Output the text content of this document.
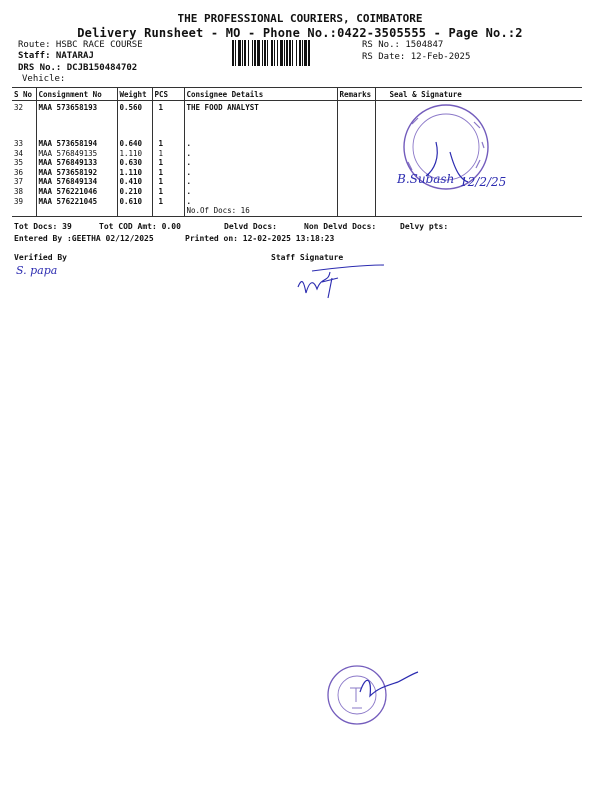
THE PROFESSIONAL COURIERS, COIMBATORE
Delivery Runsheet - MO - Phone No.:0422-3505555 - Page No.:2
Route: HSBC RACE COURSE
Staff: NATARAJ
DRS No.: DCJB150484702
Vehicle:
RS No.: 1504847
RS Date: 12-Feb-2025
S No	Consignment No	Weight	PCS	Consignee Details	Remarks	Seal & Signature
32	MAA 573658193	0.560	1	THE FOOD ANALYST		
33	MAA 573658194	0.640	1	.		
34	MAA 576849135	1.110	1	.		
35	MAA 576849133	0.630	1	.		
36	MAA 573658192	1.110	1	.		
37	MAA 576849134	0.410	1	.		
38	MAA 576221046	0.210	1	.		
39	MAA 576221045	0.610	1	.		
				No.Of Docs: 16		
Tot Docs: 39	Tot COD Amt: 0.00	Delvd Docs:	Non Delvd Docs:	Delvy pts:
Entered By :GEETHA 02/12/2025	Printed on: 12-02-2025 13:18:23
Verified By	Staff Signature
S. papa
B.Subash 12/2/25
